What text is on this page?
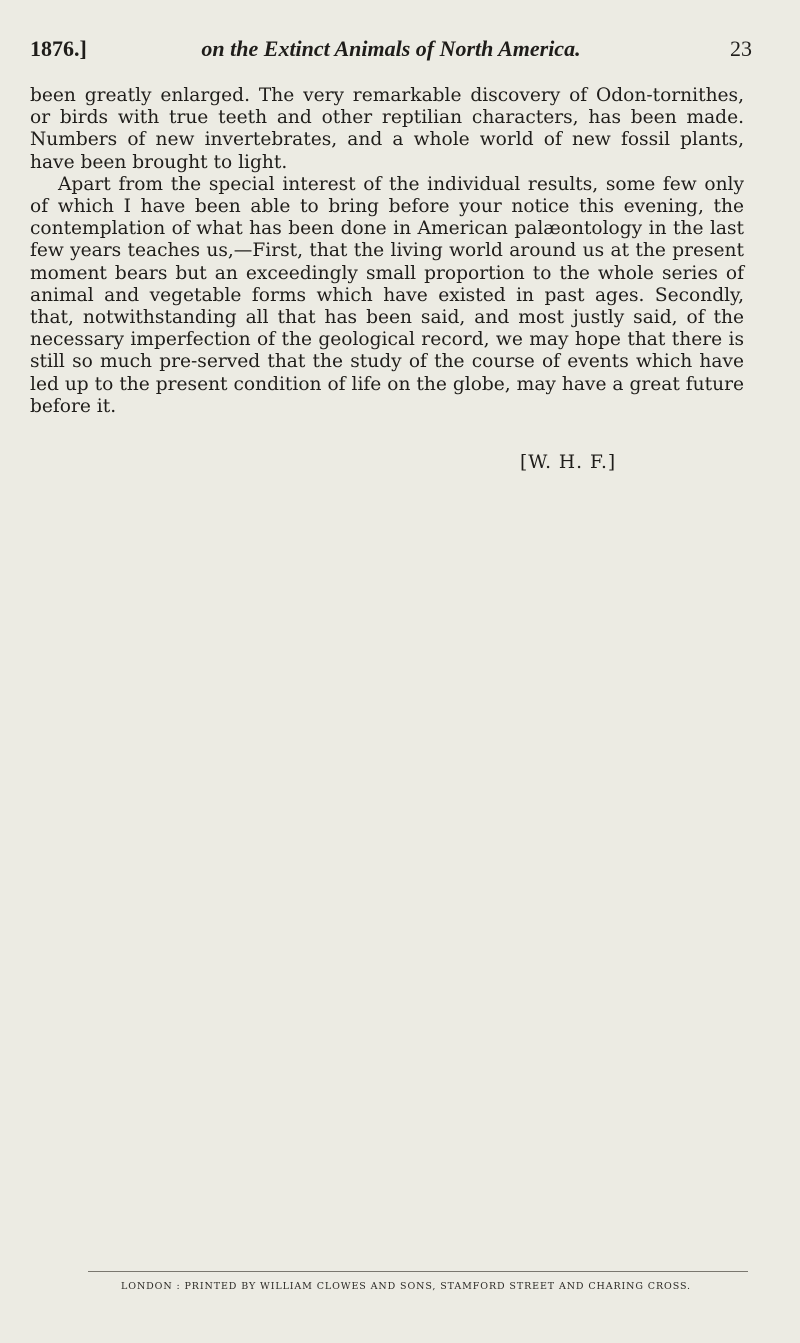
1876.]	on the Extinct Animals of North America.	23

been greatly enlarged. The very remarkable discovery of Odon-tornithes, or birds with true teeth and other reptilian characters, has been made. Numbers of new invertebrates, and a whole world of new fossil plants, have been brought to light.

Apart from the special interest of the individual results, some few only of which I have been able to bring before your notice this evening, the contemplation of what has been done in American palæontology in the last few years teaches us,—First, that the living world around us at the present moment bears but an exceedingly small proportion to the whole series of animal and vegetable forms which have existed in past ages. Secondly, that, notwithstanding all that has been said, and most justly said, of the necessary imperfection of the geological record, we may hope that there is still so much pre-served that the study of the course of events which have led up to the present condition of life on the globe, may have a great future before it.

[W. H. F.]
LONDON : PRINTED BY WILLIAM CLOWES AND SONS, STAMFORD STREET AND CHARING CROSS.
